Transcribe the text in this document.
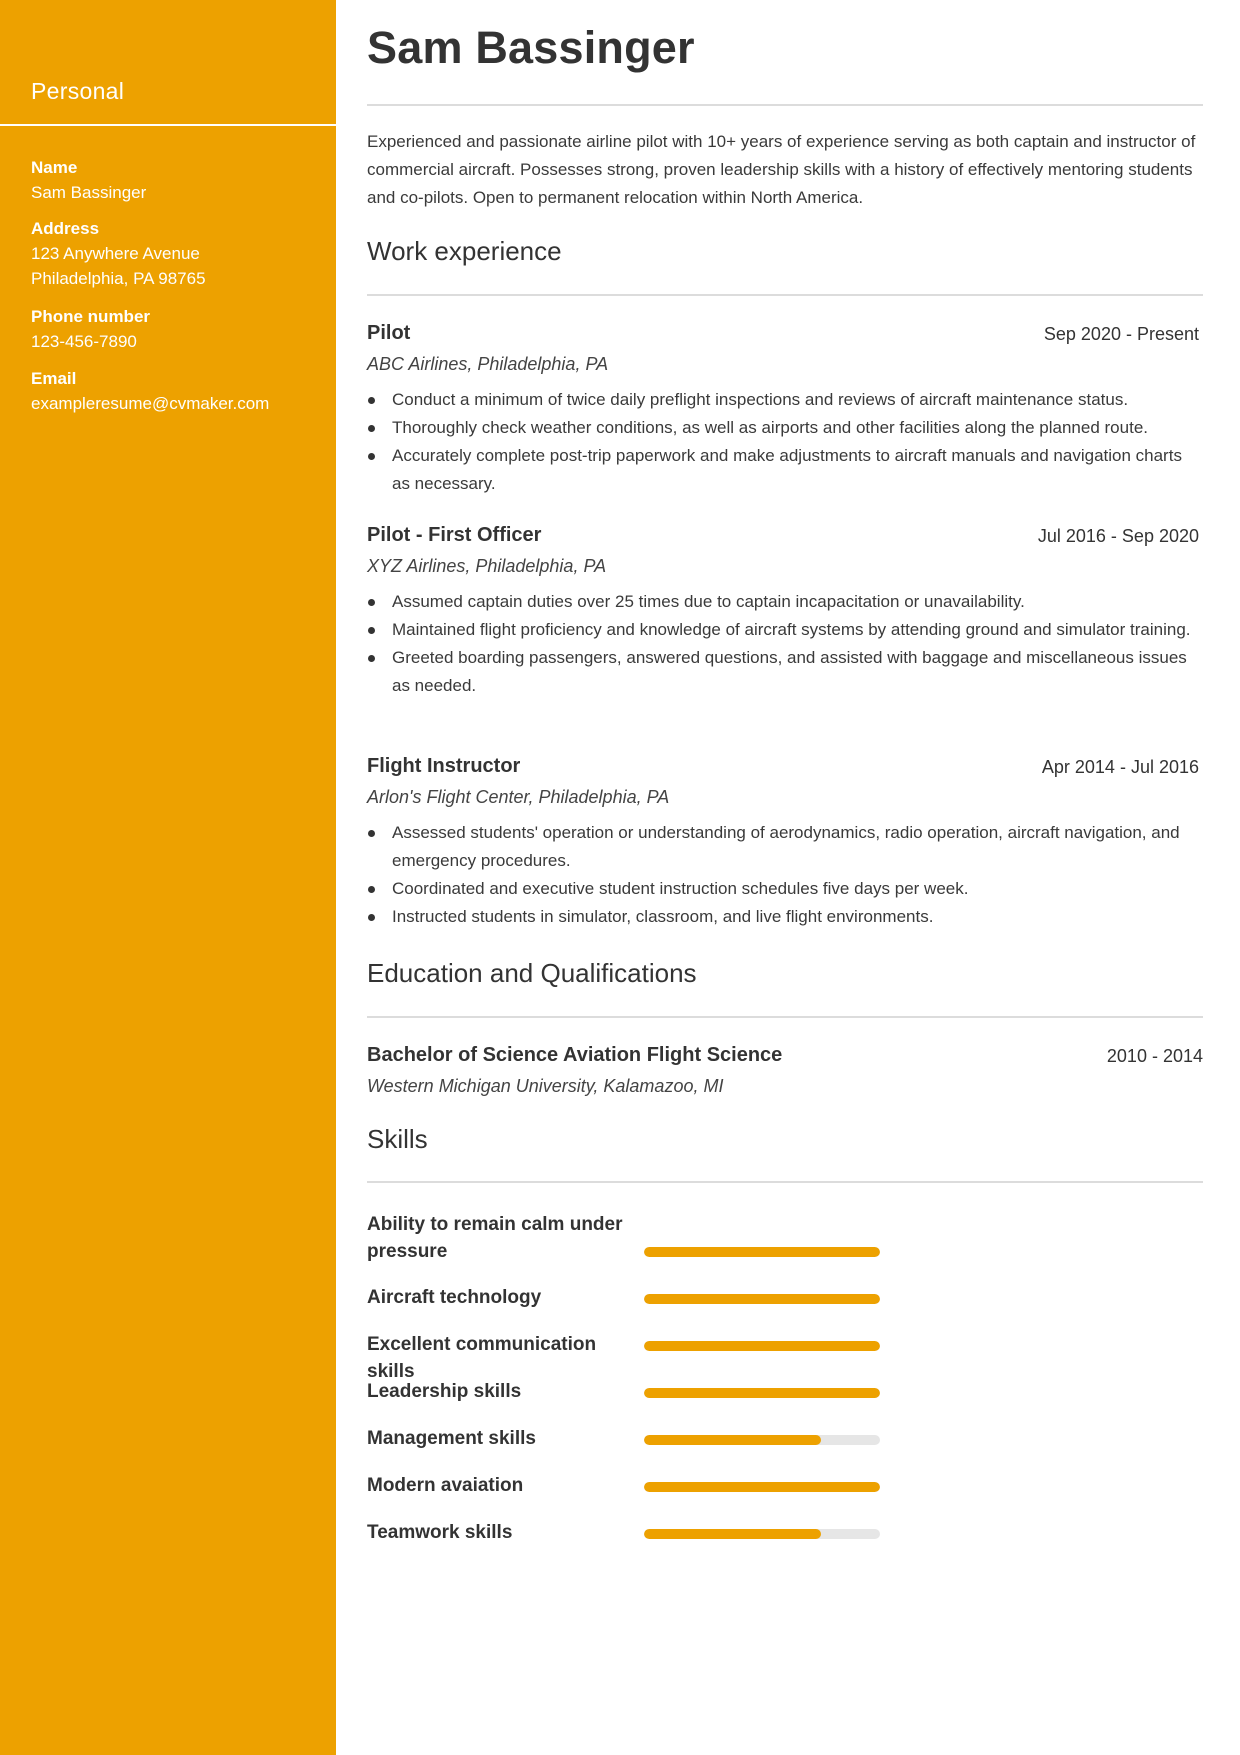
Personal
Name
Sam Bassinger
Address
123 Anywhere Avenue
Philadelphia, PA 98765
Phone number
123-456-7890
Email
exampleresume@cvmaker.com
Sam Bassinger
Experienced and passionate airline pilot with 10+ years of experience serving as both captain and instructor of commercial aircraft. Possesses strong, proven leadership skills with a history of effectively mentoring students and co-pilots. Open to permanent relocation within North America.
Work experience
Pilot	Sep 2020 - Present
ABC Airlines, Philadelphia, PA
Conduct a minimum of twice daily preflight inspections and reviews of aircraft maintenance status.
Thoroughly check weather conditions, as well as airports and other facilities along the planned route.
Accurately complete post-trip paperwork and make adjustments to aircraft manuals and navigation charts as necessary.
Pilot - First Officer	Jul 2016 - Sep 2020
XYZ Airlines, Philadelphia, PA
Assumed captain duties over 25 times due to captain incapacitation or unavailability.
Maintained flight proficiency and knowledge of aircraft systems by attending ground and simulator training.
Greeted boarding passengers, answered questions, and assisted with baggage and miscellaneous issues as needed.
Flight Instructor	Apr 2014 - Jul 2016
Arlon's Flight Center, Philadelphia, PA
Assessed students' operation or understanding of aerodynamics, radio operation, aircraft navigation, and emergency procedures.
Coordinated and executive student instruction schedules five days per week.
Instructed students in simulator, classroom, and live flight environments.
Education and Qualifications
Bachelor of Science Aviation Flight Science	2010 - 2014
Western Michigan University, Kalamazoo, MI
Skills
Ability to remain calm under pressure
Aircraft technology
Excellent communication skills
Leadership skills
Management skills
Modern avaiation
Teamwork skills
